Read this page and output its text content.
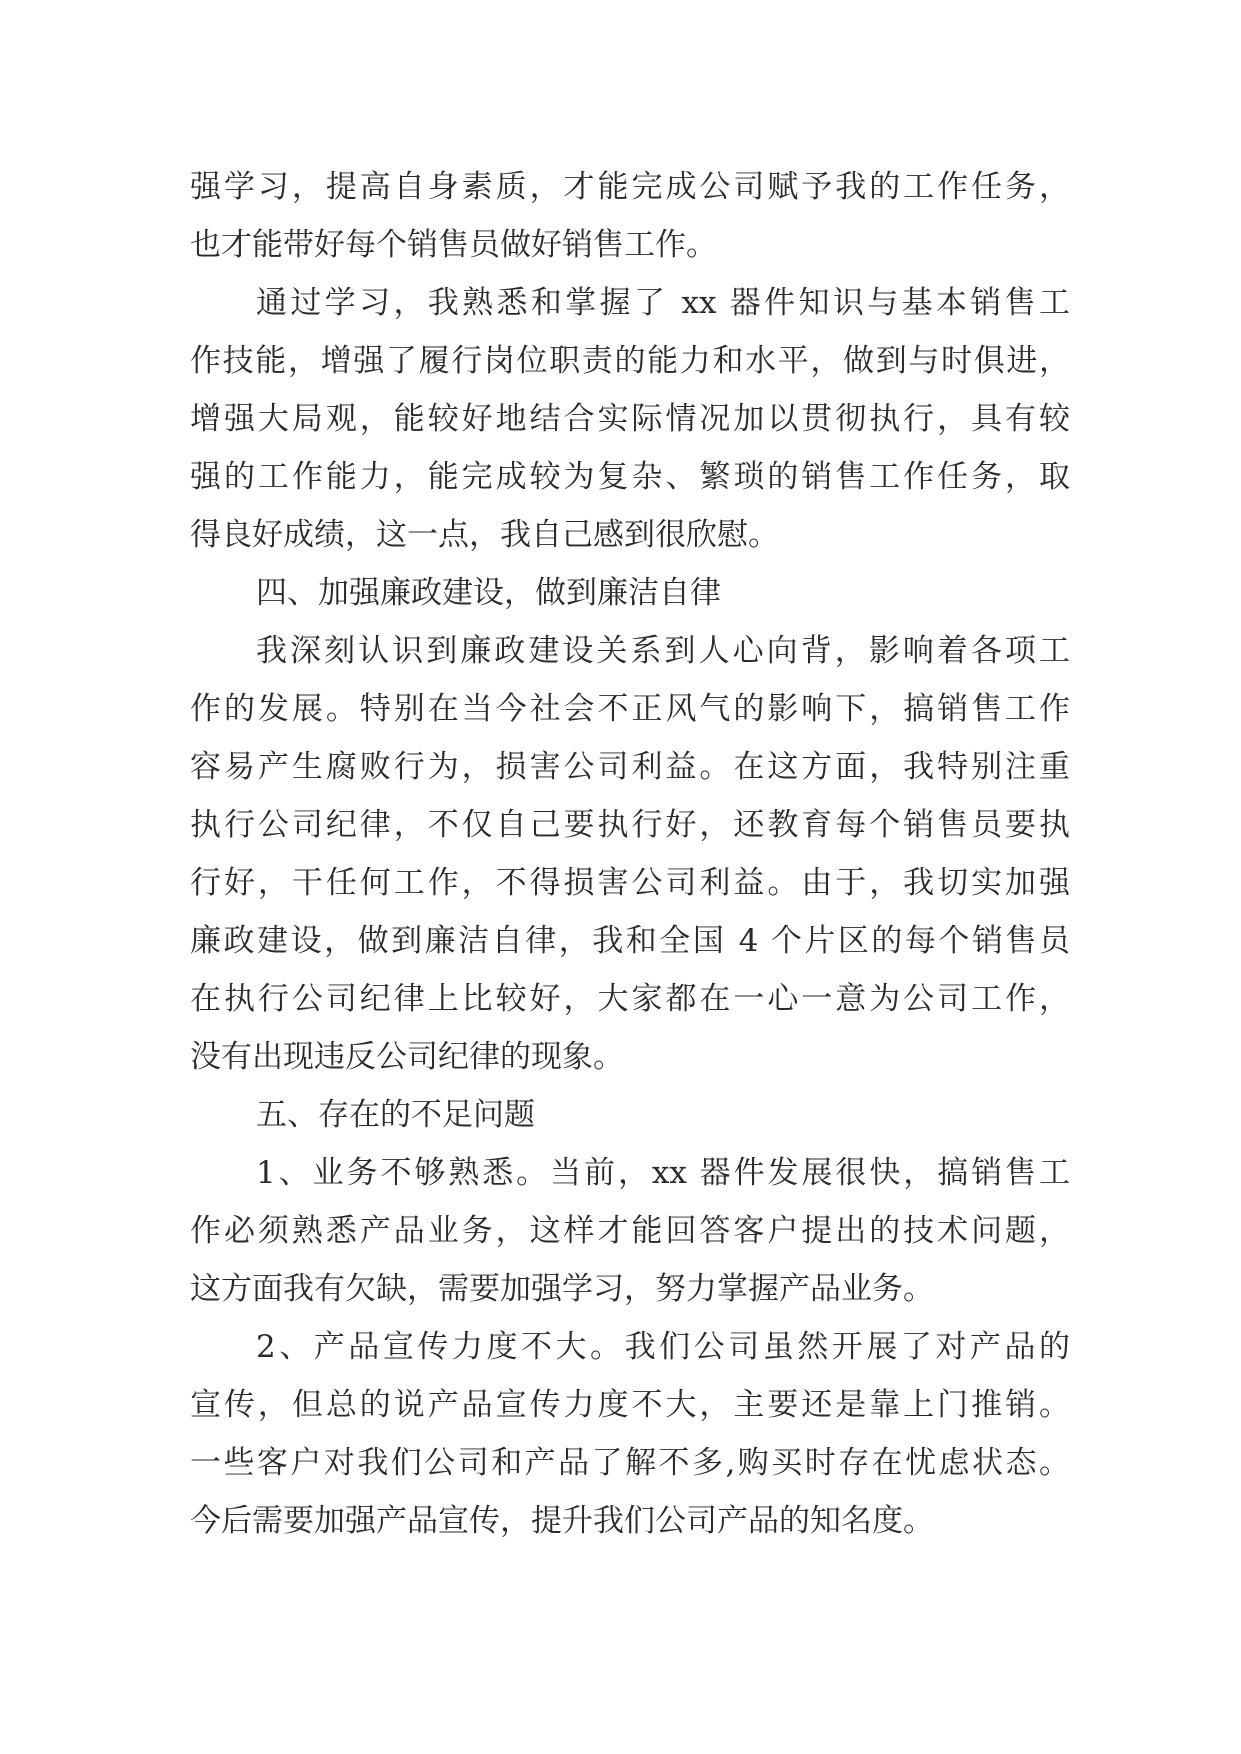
强学习，提高自身素质，才能完成公司赋予我的工作任务，
也才能带好每个销售员做好销售工作。
通过学习，我熟悉和掌握了 xx 器件知识与基本销售工
作技能，增强了履行岗位职责的能力和水平，做到与时俱进，
增强大局观，能较好地结合实际情况加以贯彻执行，具有较
强的工作能力，能完成较为复杂、繁琐的销售工作任务，取
得良好成绩，这一点，我自己感到很欣慰。
四、加强廉政建设，做到廉洁自律
我深刻认识到廉政建设关系到人心向背，影响着各项工
作的发展。特别在当今社会不正风气的影响下，搞销售工作
容易产生腐败行为，损害公司利益。在这方面，我特别注重
执行公司纪律，不仅自己要执行好，还教育每个销售员要执
行好，干任何工作，不得损害公司利益。由于，我切实加强
廉政建设，做到廉洁自律，我和全国 4 个片区的每个销售员
在执行公司纪律上比较好，大家都在一心一意为公司工作，
没有出现违反公司纪律的现象。
五、存在的不足问题
1、业务不够熟悉。当前，xx 器件发展很快，搞销售工
作必须熟悉产品业务，这样才能回答客户提出的技术问题，
这方面我有欠缺，需要加强学习，努力掌握产品业务。
2、产品宣传力度不大。我们公司虽然开展了对产品的
宣传，但总的说产品宣传力度不大，主要还是靠上门推销。
一些客户对我们公司和产品了解不多,购买时存在忧虑状态。
今后需要加强产品宣传，提升我们公司产品的知名度。
